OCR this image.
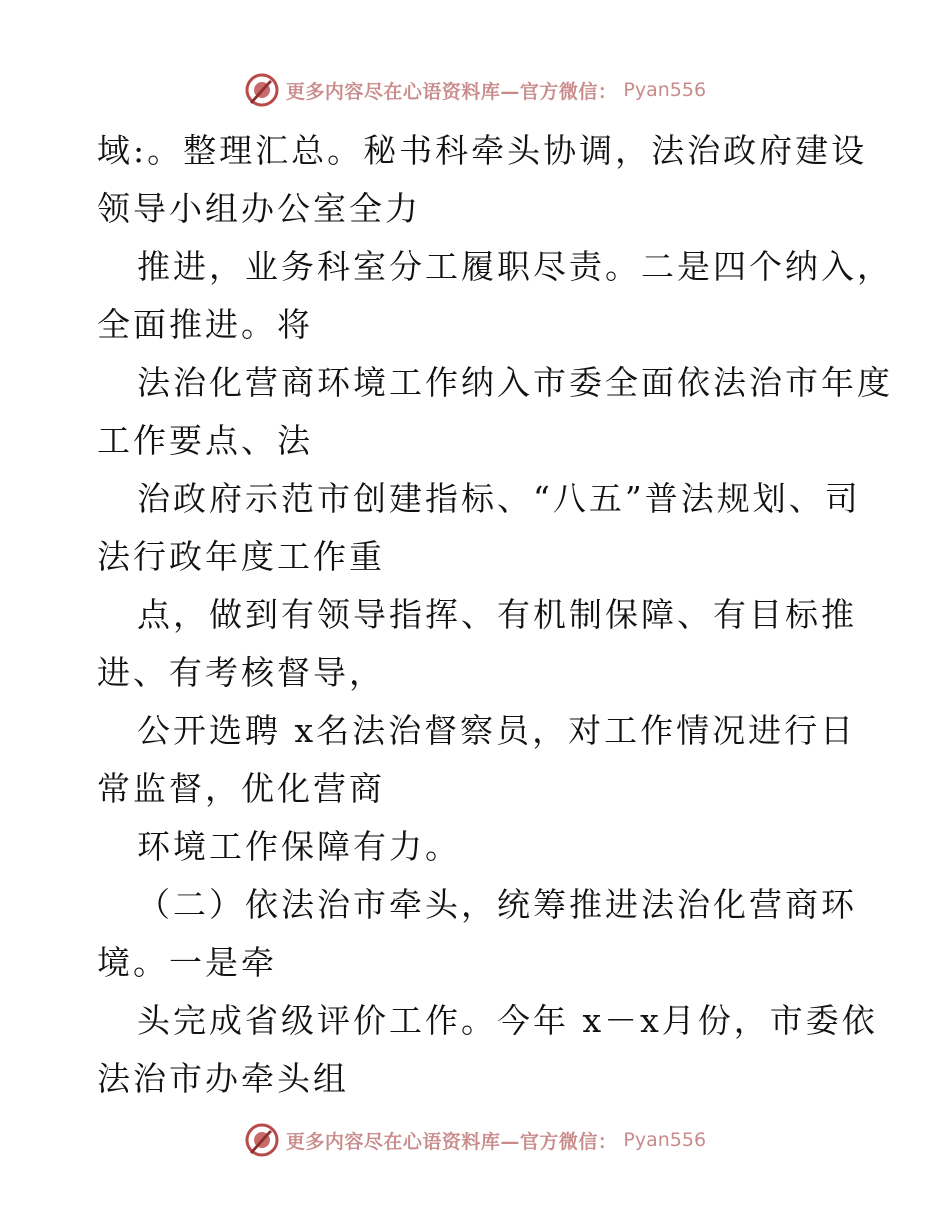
更多内容尽在心语资料库—官方微信： Pyan556
域:。整理汇总。秘书科牵头协调，法治政府建设
领导小组办公室全力
推进，业务科室分工履职尽责。二是四个纳入，
全面推进。将
法治化营商环境工作纳入市委全面依法治市年度
工作要点、法
治政府示范市创建指标、“八五”普法规划、司
法行政年度工作重
点，做到有领导指挥、有机制保障、有目标推
进、有考核督导，
公开选聘 x名法治督察员，对工作情况进行日
常监督，优化营商
环境工作保障有力。
（二）依法治市牵头，统筹推进法治化营商环
境。一是牵
头完成省级评价工作。今年 x－x月份，市委依
法治市办牵头组
更多内容尽在心语资料库—官方微信： Pyan556
